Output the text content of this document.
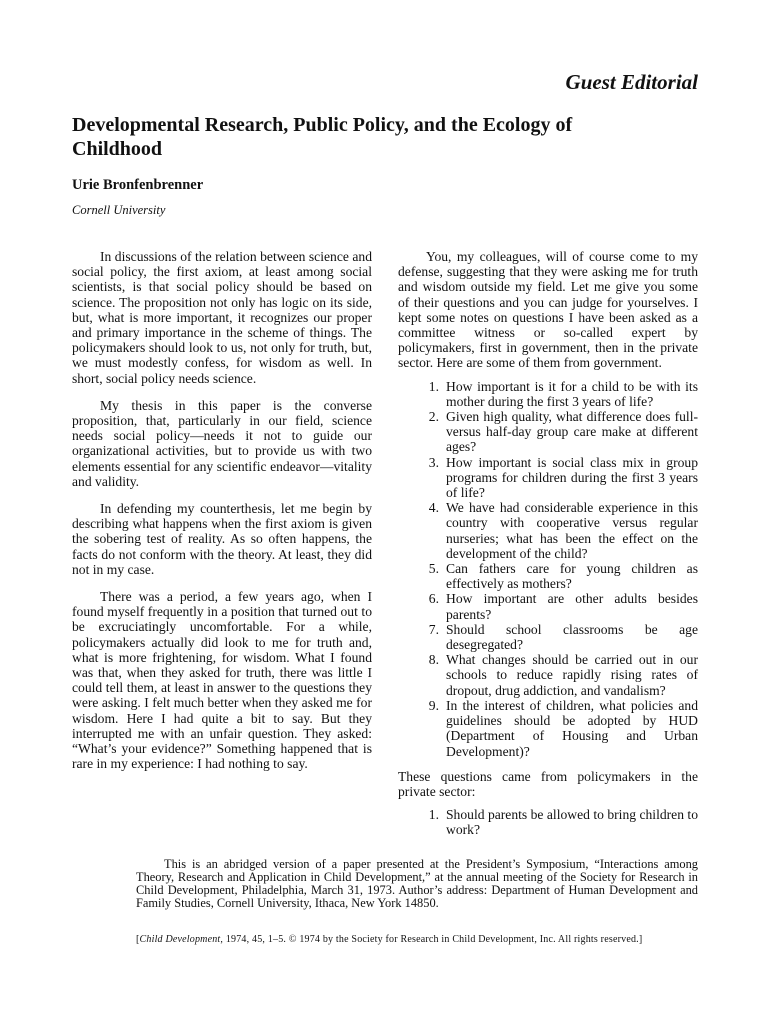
Guest Editorial
Developmental Research, Public Policy, and the Ecology of Childhood
Urie Bronfenbrenner
Cornell University

In discussions of the relation between science and social policy, the first axiom, at least among social scientists, is that social policy should be based on science. The proposition not only has logic on its side, but, what is more important, it recognizes our proper and primary importance in the scheme of things. The policymakers should look to us, not only for truth, but, we must modestly confess, for wisdom as well. In short, social policy needs science.

My thesis in this paper is the converse proposition, that, particularly in our field, science needs social policy—needs it not to guide our organizational activities, but to provide us with two elements essential for any scientific endeavor—vitality and validity.

In defending my counterthesis, let me begin by describing what happens when the first axiom is given the sobering test of reality. As so often happens, the facts do not conform with the theory. At least, they did not in my case.

There was a period, a few years ago, when I found myself frequently in a position that turned out to be excruciatingly uncomfortable. For a while, policymakers actually did look to me for truth and, what is more frightening, for wisdom. What I found was that, when they asked for truth, there was little I could tell them, at least in answer to the questions they were asking. I felt much better when they asked me for wisdom. Here I had quite a bit to say. But they interrupted me with an unfair question. They asked: “What’s your evidence?” Something happened that is rare in my experience: I had nothing to say.

You, my colleagues, will of course come to my defense, suggesting that they were asking me for truth and wisdom outside my field. Let me give you some of their questions and you can judge for yourselves. I kept some notes on questions I have been asked as a committee witness or so-called expert by policymakers, first in government, then in the private sector. Here are some of them from government.

1. How important is it for a child to be with its mother during the first 3 years of life?
2. Given high quality, what difference does full- versus half-day group care make at different ages?
3. How important is social class mix in group programs for children during the first 3 years of life?
4. We have had considerable experience in this country with cooperative versus regular nurseries; what has been the effect on the development of the child?
5. Can fathers care for young children as effectively as mothers?
6. How important are other adults besides parents?
7. Should school classrooms be age desegregated?
8. What changes should be carried out in our schools to reduce rapidly rising rates of dropout, drug addiction, and vandalism?
9. In the interest of children, what policies and guidelines should be adopted by HUD (Department of Housing and Urban Development)?

These questions came from policymakers in the private sector:

1. Should parents be allowed to bring children to work?

This is an abridged version of a paper presented at the President’s Symposium, “Interactions among Theory, Research and Application in Child Development,” at the annual meeting of the Society for Research in Child Development, Philadelphia, March 31, 1973. Author’s address: Department of Human Development and Family Studies, Cornell University, Ithaca, New York 14850.

[Child Development, 1974, 45, 1–5. © 1974 by the Society for Research in Child Development, Inc. All rights reserved.]
